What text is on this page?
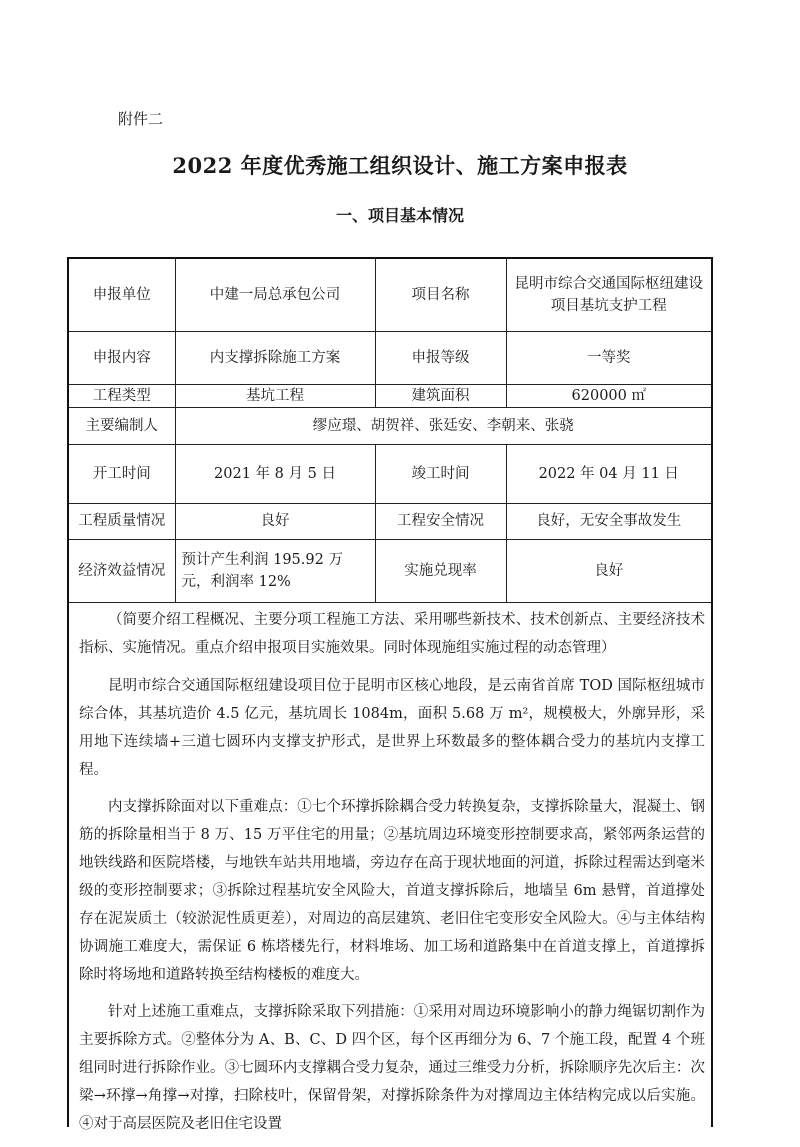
附件二
2022 年度优秀施工组织设计、施工方案申报表
一、项目基本情况
申报单位	中建一局总承包公司	项目名称	昆明市综合交通国际枢纽建设项目基坑支护工程
申报内容	内支撑拆除施工方案	申报等级	一等奖
工程类型	基坑工程	建筑面积	620000 ㎡
主要编制人	缪应璟、胡贺祥、张廷安、李朝来、张骁		
开工时间	2021 年 8 月 5 日	竣工时间	2022 年 04 月 11 日
工程质量情况	良好	工程安全情况	良好，无安全事故发生
经济效益情况	预计产生利润 195.92 万元，利润率 12%	实施兑现率	良好

（简要介绍工程概况、主要分项工程施工方法、采用哪些新技术、技术创新点、主要经济技术指标、实施情况。重点介绍申报项目实施效果。同时体现施组实施过程的动态管理）

昆明市综合交通国际枢纽建设项目位于昆明市区核心地段，是云南省首席 TOD 国际枢纽城市综合体，其基坑造价 4.5 亿元，基坑周长 1084m，面积 5.68 万 m²，规模极大，外廓异形，采用地下连续墙+三道七圆环内支撑支护形式，是世界上环数最多的整体耦合受力的基坑内支撑工程。

内支撑拆除面对以下重难点：①七个环撑拆除耦合受力转换复杂，支撑拆除量大，混凝土、钢筋的拆除量相当于 8 万、15 万平住宅的用量；②基坑周边环境变形控制要求高，紧邻两条运营的地铁线路和医院塔楼，与地铁车站共用地墙，旁边存在高于现状地面的河道，拆除过程需达到毫米级的变形控制要求；③拆除过程基坑安全风险大，首道支撑拆除后，地墙呈 6m 悬臂，首道撑处存在泥炭质土（较淤泥性质更差），对周边的高层建筑、老旧住宅变形安全风险大。④与主体结构协调施工难度大，需保证 6 栋塔楼先行，材料堆场、加工场和道路集中在首道支撑上，首道撑拆除时将场地和道路转换至结构楼板的难度大。

针对上述施工重难点，支撑拆除采取下列措施：①采用对周边环境影响小的静力绳锯切割作为主要拆除方式。②整体分为 A、B、C、D 四个区，每个区再细分为 6、7 个施工段，配置 4 个班组同时进行拆除作业。③七圆环内支撑耦合受力复杂，通过三维受力分析，拆除顺序先次后主：次梁→环撑→角撑→对撑，扫除枝叶，保留骨架，对撑拆除条件为对撑周边主体结构完成以后实施。④对于高层医院及老旧住宅设置
